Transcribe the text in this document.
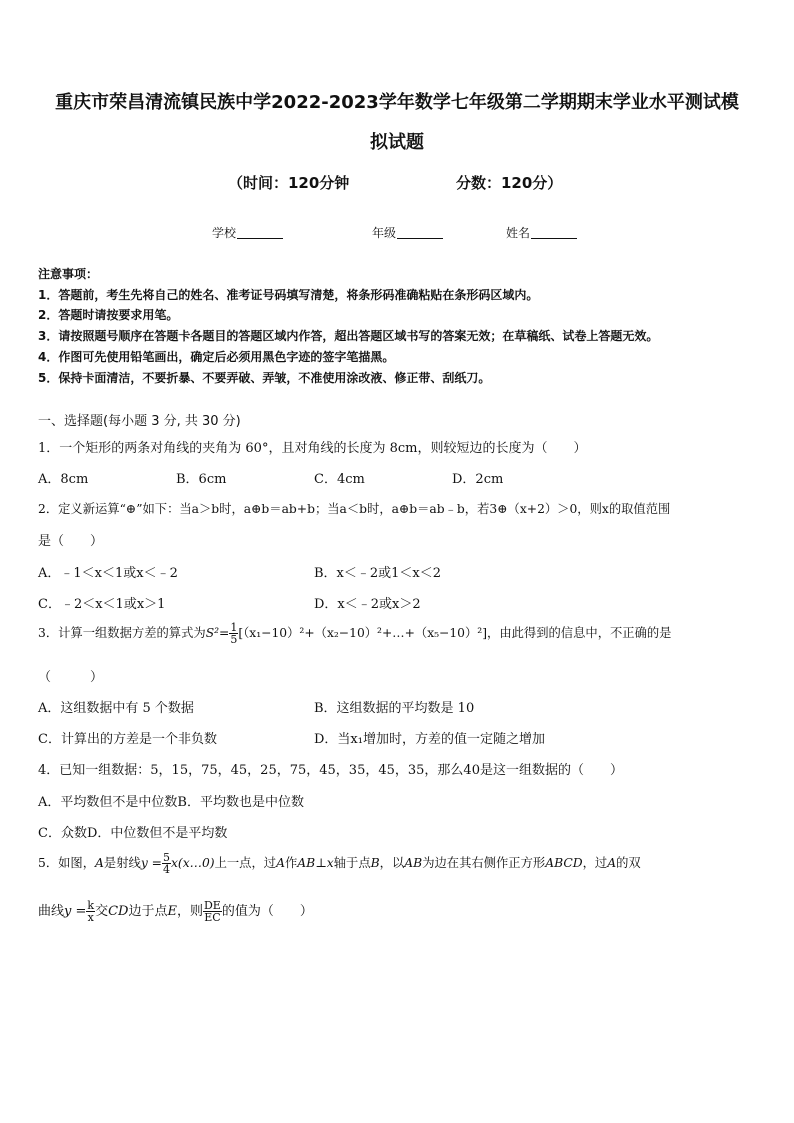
重庆市荣昌清流镇民族中学2022-2023学年数学七年级第二学期期末学业水平测试模
拟试题
（时间：120分钟	分数：120分）
学校	年级	姓名
注意事项：
1．答题前，考生先将自己的姓名、准考证号码填写清楚，将条形码准确粘贴在条形码区域内。
2．答题时请按要求用笔。
3．请按照题号顺序在答题卡各题目的答题区域内作答，超出答题区域书写的答案无效；在草稿纸、试卷上答题无效。
4．作图可先使用铅笔画出，确定后必须用黑色字迹的签字笔描黑。
5．保持卡面清洁，不要折暴、不要弄破、弄皱，不准使用涂改液、修正带、刮纸刀。
一、选择题(每小题 3 分, 共 30 分)
1．一个矩形的两条对角线的夹角为 60°，且对角线的长度为 8cm，则较短边的长度为（　　）
A．8cm	B．6cm	C．4cm	D．2cm
2．定义新运算“⊕”如下：当a＞b时，a⊕b＝ab+b；当a＜b时，a⊕b＝ab﹣b，若3⊕（x+2）＞0，则x的取值范围
是（　　）
A．﹣1＜x＜1或x＜﹣2	B．x＜﹣2或1＜x＜2
C．﹣2＜x＜1或x＞1	D．x＜﹣2或x＞2
3．计算一组数据方差的算式为$S^2= \frac{1}{5}$ [（x₁−10）²+（x₂−10）²+…+（x₅−10）²]，由此得到的信息中，不正确的是
（　　　）
A．这组数据中有 5 个数据	B．这组数据的平均数是 10
C．计算出的方差是一个非负数	D．当x₁增加时，方差的值一定随之增加
4．已知一组数据：5，15，75，45，25，75，45，35，45，35，那么40是这一组数据的（　　）
A．平均数但不是中位数B．平均数也是中位数
C．众数D．中位数但不是平均数
5．如图，A是射线$y = \frac{5}{4}$ x(x…0)上一点，过A作AB⊥x轴于点B，以AB为边在其右侧作正方形ABCD，过A的双
曲线$y = \frac{k}{x}$ 交CD边于点E，则 $\frac{DE}{EC}$ 的值为（　　）
